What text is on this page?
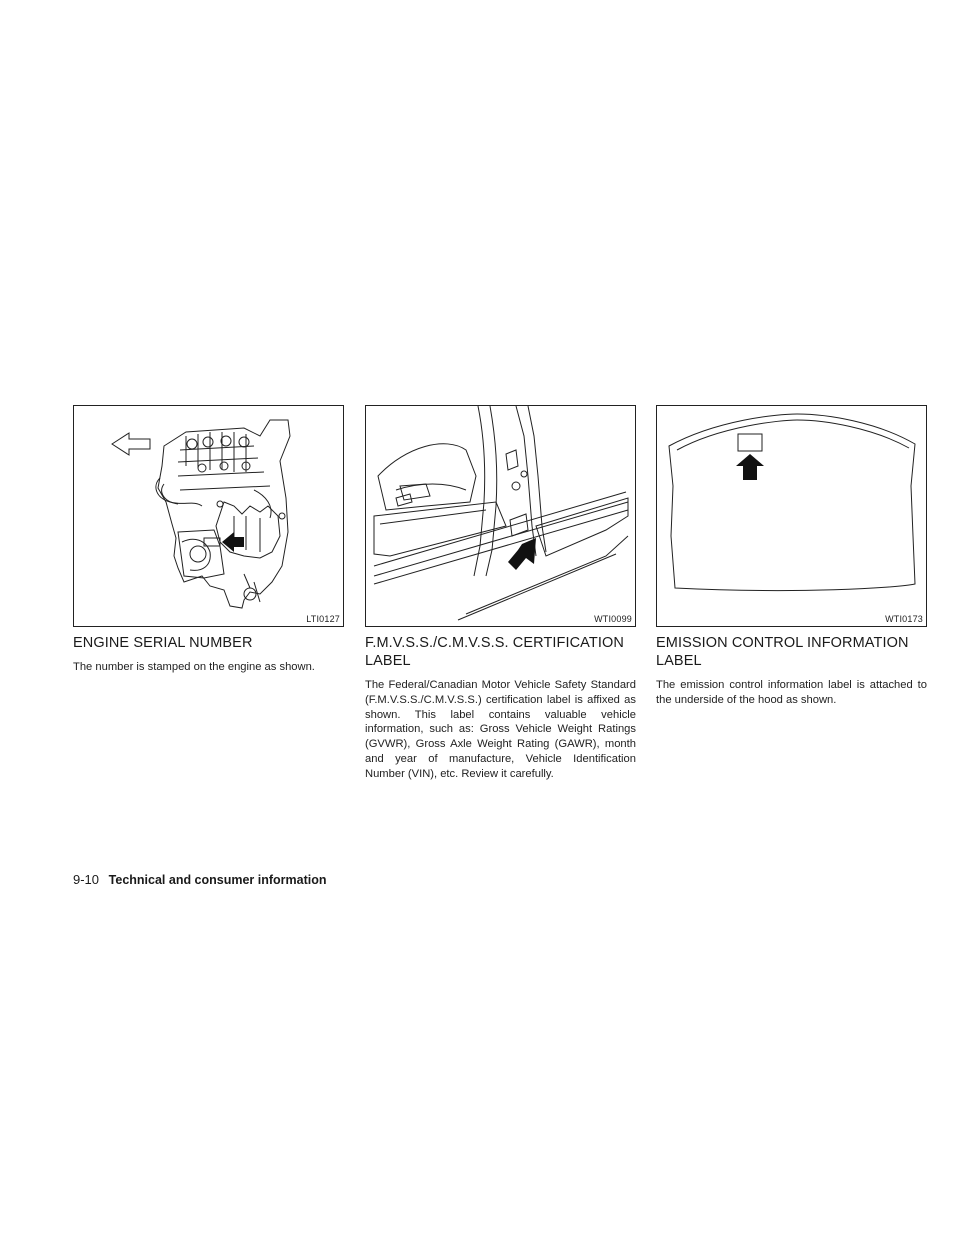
LTI0127
ENGINE SERIAL NUMBER

The number is stamped on the engine as shown.

WTI0099
F.M.V.S.S./C.M.V.S.S. CERTIFICATION LABEL

The Federal/Canadian Motor Vehicle Safety Standard (F.M.V.S.S./C.M.V.S.S.) certification label is affixed as shown. This label contains valuable vehicle information, such as: Gross Vehicle Weight Ratings (GVWR), Gross Axle Weight Rating (GAWR), month and year of manufacture, Vehicle Identification Number (VIN), etc. Review it carefully.

WTI0173
EMISSION CONTROL INFORMATION LABEL

The emission control information label is attached to the underside of the hood as shown.

9-10 Technical and consumer information
